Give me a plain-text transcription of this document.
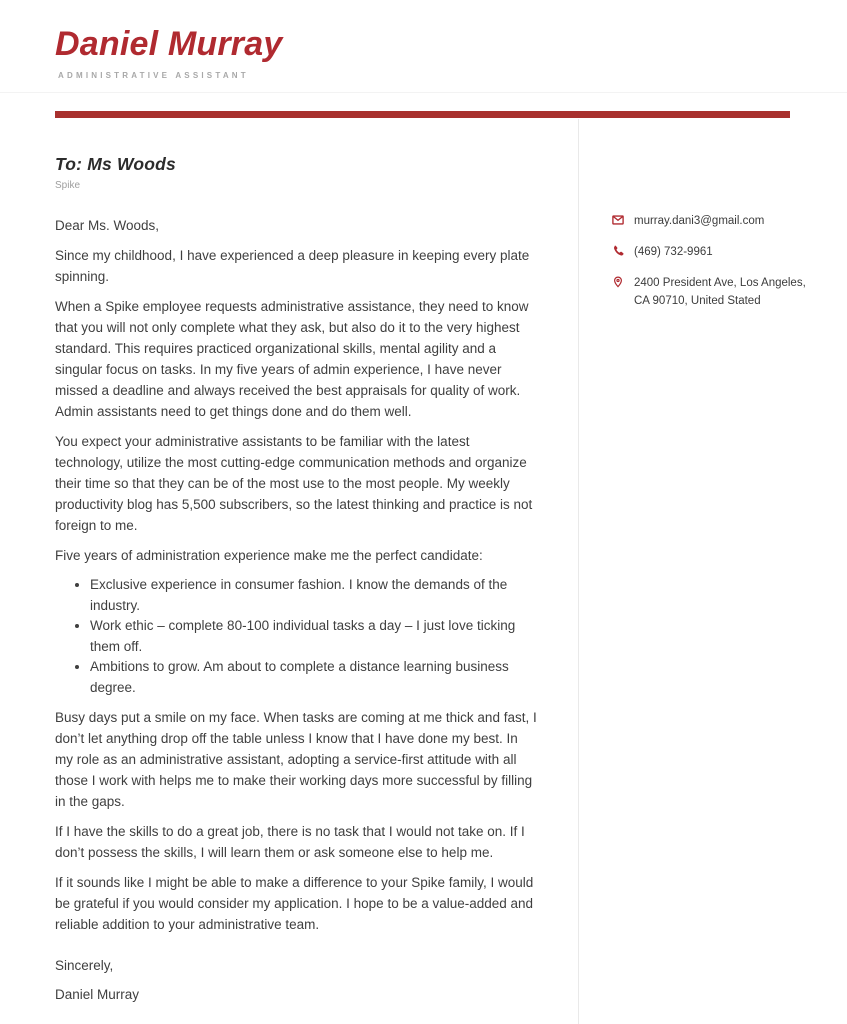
Daniel Murray
ADMINISTRATIVE ASSISTANT
To: Ms Woods
Spike

Dear Ms. Woods,

Since my childhood, I have experienced a deep pleasure in keeping every plate spinning.

When a Spike employee requests administrative assistance, they need to know that you will not only complete what they ask, but also do it to the very highest standard. This requires practiced organizational skills, mental agility and a singular focus on tasks. In my five years of admin experience, I have never missed a deadline and always received the best appraisals for quality of work. Admin assistants need to get things done and do them well.

You expect your administrative assistants to be familiar with the latest technology, utilize the most cutting-edge communication methods and organize their time so that they can be of the most use to the most people. My weekly productivity blog has 5,500 subscribers, so the latest thinking and practice is not foreign to me.

Five years of administration experience make me the perfect candidate:

• Exclusive experience in consumer fashion. I know the demands of the industry.
• Work ethic – complete 80-100 individual tasks a day – I just love ticking them off.
• Ambitions to grow. Am about to complete a distance learning business degree.

Busy days put a smile on my face. When tasks are coming at me thick and fast, I don’t let anything drop off the table unless I know that I have done my best. In my role as an administrative assistant, adopting a service-first attitude with all those I work with helps me to make their working days more successful by filling in the gaps.

If I have the skills to do a great job, there is no task that I would not take on. If I don’t possess the skills, I will learn them or ask someone else to help me.

If it sounds like I might be able to make a difference to your Spike family, I would be grateful if you would consider my application. I hope to be a value-added and reliable addition to your administrative team.

Sincerely,

Daniel Murray

murray.dani3@gmail.com
(469) 732-9961
2400 President Ave, Los Angeles,
CA 90710, United Stated
